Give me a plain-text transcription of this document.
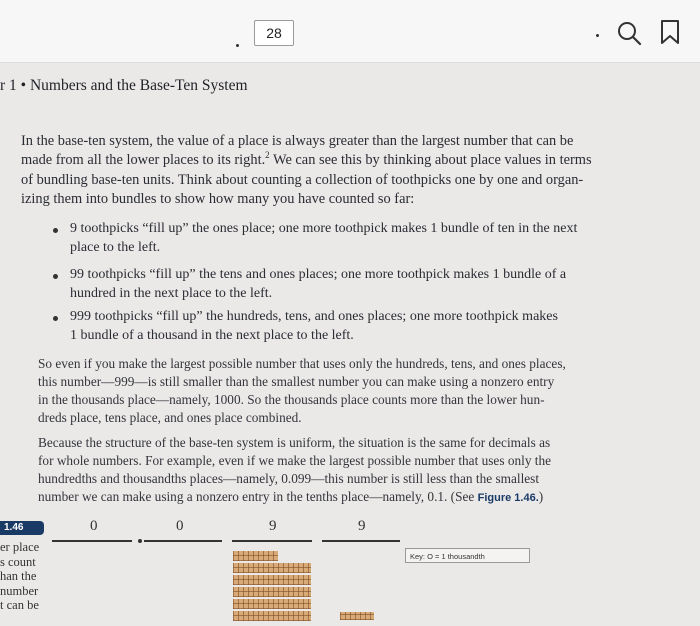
28
r 1 • Numbers and the Base-Ten System
In the base-ten system, the value of a place is always greater than the largest number that can be
made from all the lower places to its right.$^2$ We can see this by thinking about place values in terms
of bundling base-ten units. Think about counting a collection of toothpicks one by one and organ-
izing them into bundles to show how many you have counted so far:
9 toothpicks “fill up” the ones place; one more toothpick makes 1 bundle of ten in the next
place to the left.
99 toothpicks “fill up” the tens and ones places; one more toothpick makes 1 bundle of a
hundred in the next place to the left.
999 toothpicks “fill up” the hundreds, tens, and ones places; one more toothpick makes
1 bundle of a thousand in the next place to the left.
So even if you make the largest possible number that uses only the hundreds, tens, and ones places,
this number—999—is still smaller than the smallest number you can make using a nonzero entry
in the thousands place—namely, 1000. So the thousands place counts more than the lower hun-
dreds place, tens place, and ones place combined.
Because the structure of the base-ten system is uniform, the situation is the same for decimals as
for whole numbers. For example, even if we make the largest possible number that uses only the
hundredths and thousandths places—namely, 0.099—this number is still less than the smallest
number we can make using a nonzero entry in the tenths place—namely, 0.1. (See Figure 1.46.)
1.46
er place
s count
han the
number
t can be
0	0	9	9
Key: O = 1 thousandth
